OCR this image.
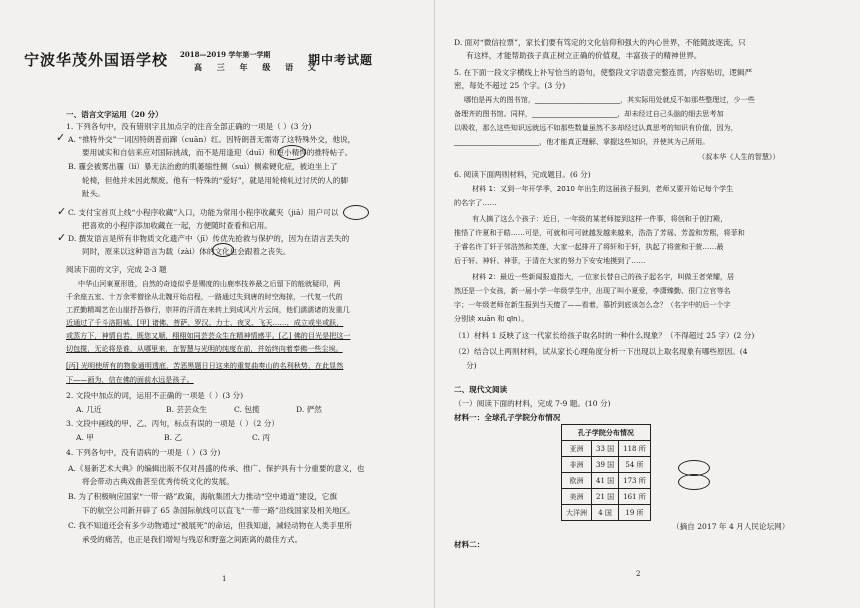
宁波华茂外国语学校 2018—2019 学年第一学期
高 三 年 级 语 文
期中考试题
一、语言文字运用（20 分）
1. 下列各句中，没有错别字且加点字的注音全部正确的一项是（ ）(3 分)
A. “推特外交”一词因特朗普而蹿（cuān）红。因特朗普无需寄了这特殊外交，他说，
要用诚实和自信来应对国际挑战，而不是用逢迎（duī）和短小精悍的推特帖子。
B. 霾会被雾出霾（lí）暴无法治愈的肌萎缩性侧（suì）侧索硬化症，被迫坐上了
轮椅，但他并未因此颓废。他有一特殊的“爱好”，就是用轮椅轧过讨厌的人的脚
趾头。
C. 支付宝首页上线“小程序收藏”入口，功能为常用小程序收藏夹（jiā）用户可以
把喜欢的小程序添加收藏在一起，方便随时查看和启用。
D. 撰发语言是所有非物质文化遗产中（jī）传优先抢救与保护的，因为在语言丢失的
同时，原来以这种语言为载（zài）体的文化也会跟着之丧失。
阅读下面的文字，完成 2-3 题
中华山河東夏形胜，自然的奇迹似乎是赐度的山鹿率技养最之后留下的能就疑印，两
千余座五室、十万余零僧徐从北魏开始启程，一路通过失到唐的时空海掠，一代复一代的
工匠勤精竭艺在山崖抒吾修行，崇祥的汗清在来转上到成风片片云间，他们濡濡诸的发重几
近通过了千斗洛阳城，[甲] 诸佛、菩萨、罗汉、力士、夜叉、飞天……，成立或坐或跃，
或蒸方下，神情自若，既您又顺，栩栩如同芸芸众生在精神情感平。[乙] 佛的目光是把这一
切包揽，无论将是谁，从哪里来，在智慧与光明的纯度在前，并始终向着奉佛一些尘埃。
[丙] 光明使所有的物象通明透底，苦恶黑题日日这来的重复曲奏山的名利秋势，在此显然
下——画为，信在佛的面前水远是孩子。
2. 文段中加点的词，运用不正确的一项是（ ）(3 分)
A. 几近	B. 芸芸众生	C. 包揽	D. 俨然
3. 文段中画线的甲、乙、丙句，标点有误的一项是（ ）（2 分）
A. 甲	B. 乙	C. 丙
4. 下列各句中，没有语病的一项是（ ）(3 分)
A.《易新艺术大典》的编辑出版不仅对昌盛的传承、推广、保护具有十分重要的意义，也
将会带动古典戏曲甚至优秀传统文化的发展。
B. 为了积极响应国家“一带一路”政策，海航集团大力推动“空中通道”建设，它旗
下的航空公司新开辟了 65 条国际航线可以直飞“一带一路”沿线国家及相关地区。
C. 我不知道还会有多少动物通过“被展死”的命运，但我知道，减轻动物在人类手里所
承受的痛苦，也正是我们增短与残忍和野蛮之间距离的最佳方式。
✓
✓
✓
1
D. 面对“微信拉票”，家长们要有笃定的文化信仰和强大的内心世界，不能随波逐流，只
有这样，才能帮助孩子真正树立正确的价值观，丰富孩子的精神世界。
5. 在下面一段文字横线上补写恰当的语句，使整段文字语意完整连贯，内容贴切，逻辑严
密，每处不超过 25 个字。(3 分)
哪怕是再大的图书馆，________________________，其实际用处就反不如那些整理过，少一些
备理齐的图书馆。同样，________________________，却未经过自己头脑的细去思考加
以吸收，那么这些知识远就远不如那些数量虽然不多却经过认真思考的知识有价值，因为，
________________________，他才能真正理解、掌握这些知识，并使其为己所用。
（叔本华《人生的智慧》）
6. 阅读下面两则材料，完成题目。(6 分)
材料 1：又到一年开学季，2010 年出生的这届孩子报到，老师又要开始记每个学生
的名字了……
有人摘了这么个孩子：近日，一年级的某老师接到这样一件事，将创和于创打殿，
推悟了许夏和于皓……可是，可就和可可就越发越来越来，浩浩了芳瑶、芳盈和芳熙，将菲和
于睿名许丁轩于邻浩然和芙莲，大家一起排开了将轩和于轩，执起了将萱和于萱……最
后于轩、神轩、神菲，于清在大家的努力下安安地摸到了……
材料 2：最近一些新闻报道指大，一位家长替自己的孩子起名字，叫做王者荣耀，居
然还是一个女孩，新一届小学一年级学生中，出现了叫小夏爱，李潇臻勤、很门立官等名
字；一年级老师在新生报到当天傻了——看着，慕折到底该怎么念？（名字中的后一个字
分别读 xuān 和 qīn）。
（1）材料 1 反映了这一代家长给孩子取名时的一种什么现象？（不得超过 25 字）(2 分)
（2）结合以上两则材料，试从家长心理角度分析一下出现以上取名现象有哪些原因。(4
分)
二、现代文阅读
（一）阅读下面的材料，完成 7-9 题。(10 分)
材料一：全球孔子学院分布情况
孔子学院分布情况		
亚洲	33 国	118 所
非洲	39 国	54 所
欧洲	41 国	173 所
美洲	21 国	161 所
大洋洲	4 国	19 所
（摘自 2017 年 4 月人民论坛网）
材料二：
2
